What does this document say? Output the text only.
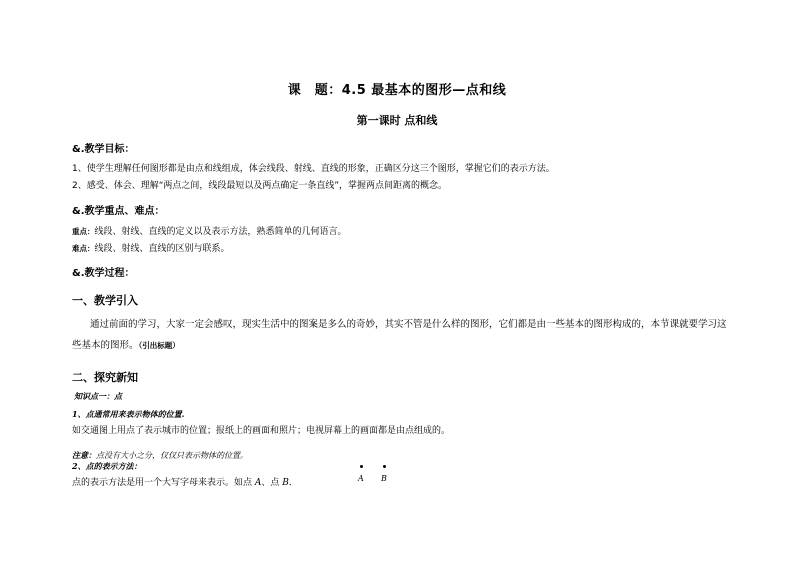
课　题：4.5 最基本的图形—点和线
第一课时 点和线
&.教学目标：
1、使学生理解任何图形都是由点和线组成，体会线段、射线、直线的形象，正确区分这三个图形，掌握它们的表示方法。
2、感受、体会、理解“两点之间，线段最短以及两点确定一条直线”，掌握两点间距离的概念。
&.教学重点、难点：
重点：线段、射线、直线的定义以及表示方法，熟悉简单的几何语言。
难点：线段、射线、直线的区别与联系。
&.教学过程：
一、教学引入
通过前面的学习，大家一定会感叹，现实生活中的图案是多么的奇妙，其实不管是什么样的图形，它们都是由一些基本的图形构成的，本节课就要学习这些基本的图形。（引出标题）
二、探究新知
知识点一：点
1、点通常用来表示物体的位置.
如交通图上用点了表示城市的位置；报纸上的画面和照片；电视屏幕上的画面都是由点组成的。
注意：点没有大小之分，仅仅只表示物体的位置。
2、点的表示方法：
点的表示方法是用一个大写字母来表示。如点 A、点 B．	A B
